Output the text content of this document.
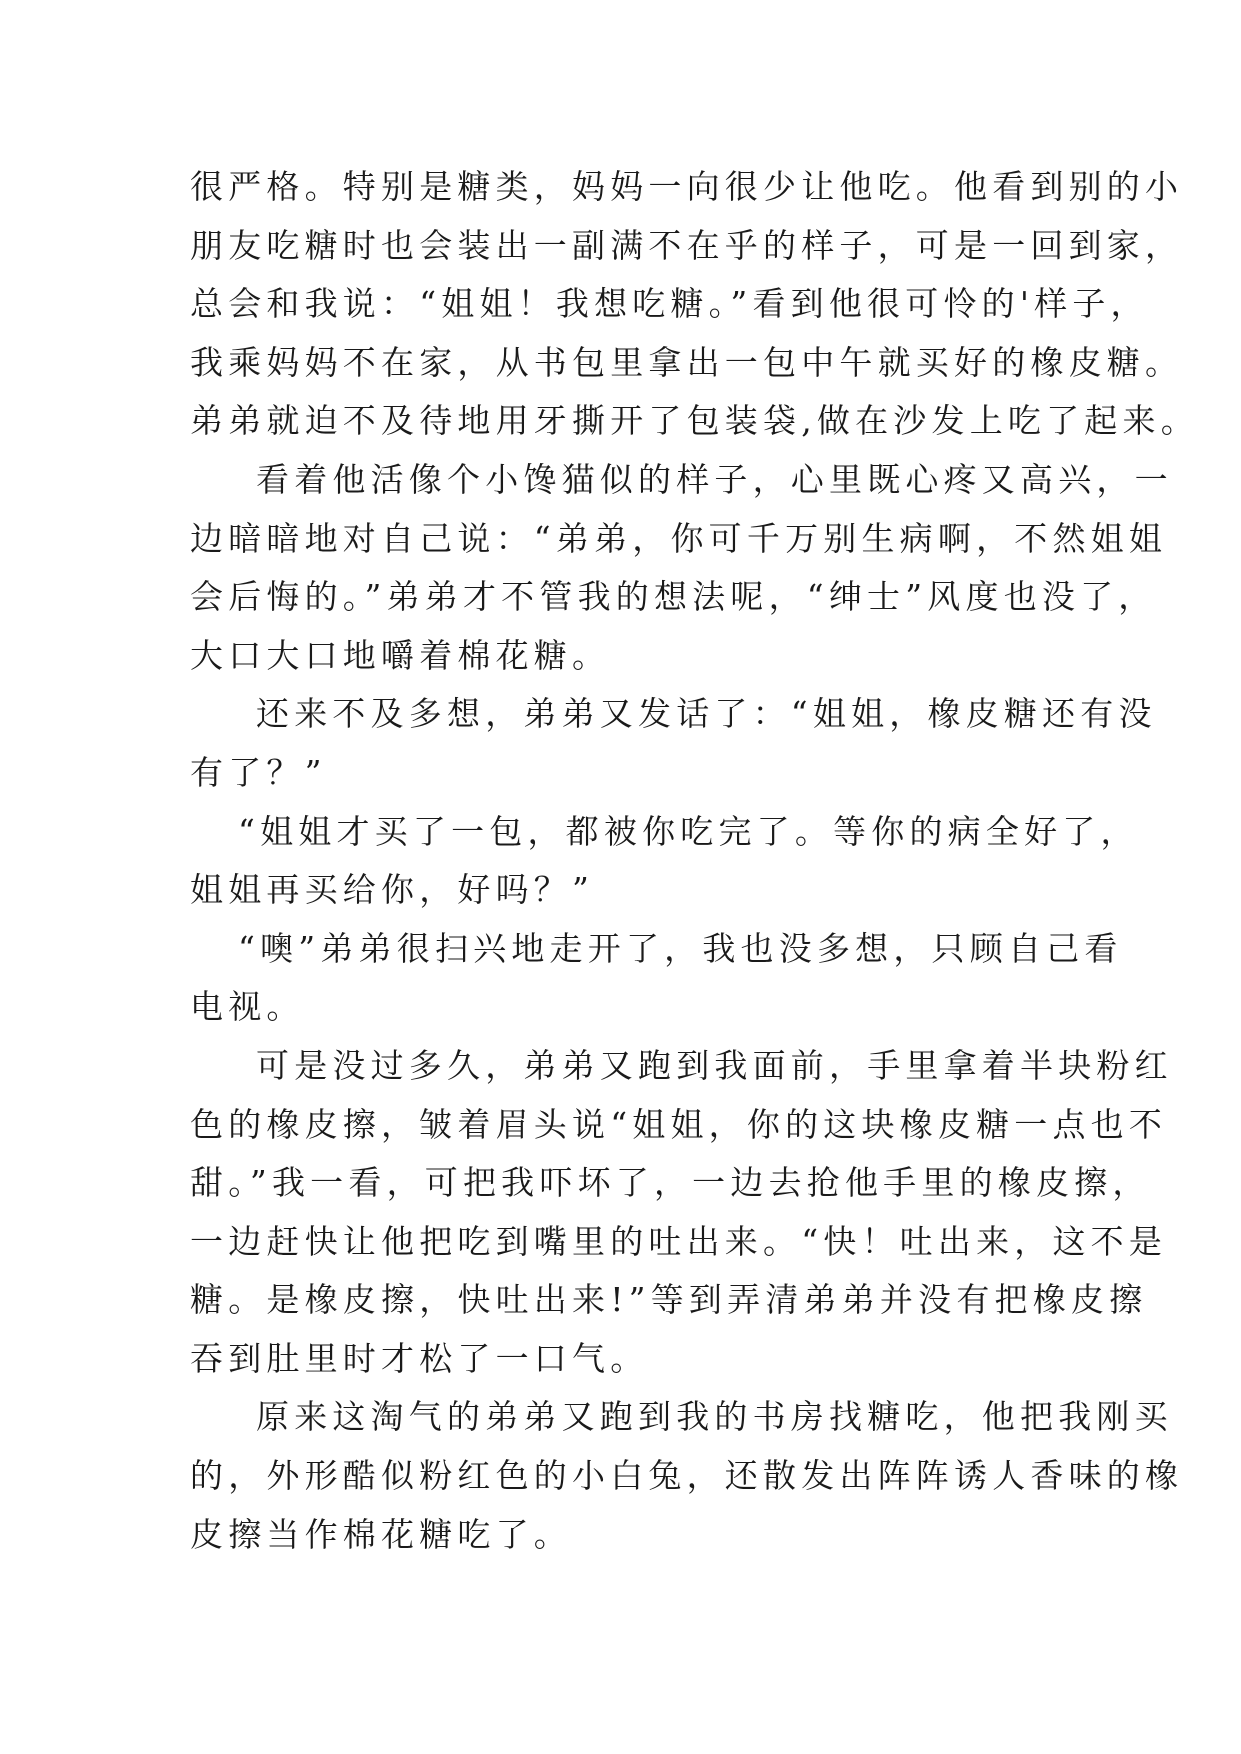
很严格。特别是糖类，妈妈一向很少让他吃。他看到别的小
朋友吃糖时也会装出一副满不在乎的样子，可是一回到家，
总会和我说：“姐姐！我想吃糖。”看到他很可怜的'样子，
我乘妈妈不在家，从书包里拿出一包中午就买好的橡皮糖。
弟弟就迫不及待地用牙撕开了包装袋,做在沙发上吃了起来。
看着他活像个小馋猫似的样子，心里既心疼又高兴，一
边暗暗地对自己说：“弟弟，你可千万别生病啊，不然姐姐
会后悔的。”弟弟才不管我的想法呢，“绅士”风度也没了，
大口大口地嚼着棉花糖。
还来不及多想，弟弟又发话了：“姐姐，橡皮糖还有没
有了？”
“姐姐才买了一包，都被你吃完了。等你的病全好了，
姐姐再买给你，好吗？”
“噢”弟弟很扫兴地走开了，我也没多想，只顾自己看
电视。
可是没过多久，弟弟又跑到我面前，手里拿着半块粉红
色的橡皮擦，皱着眉头说“姐姐，你的这块橡皮糖一点也不
甜。”我一看，可把我吓坏了，一边去抢他手里的橡皮擦，
一边赶快让他把吃到嘴里的吐出来。“快！吐出来，这不是
糖。是橡皮擦，快吐出来!”等到弄清弟弟并没有把橡皮擦
吞到肚里时才松了一口气。
原来这淘气的弟弟又跑到我的书房找糖吃，他把我刚买
的，外形酷似粉红色的小白兔，还散发出阵阵诱人香味的橡
皮擦当作棉花糖吃了。
